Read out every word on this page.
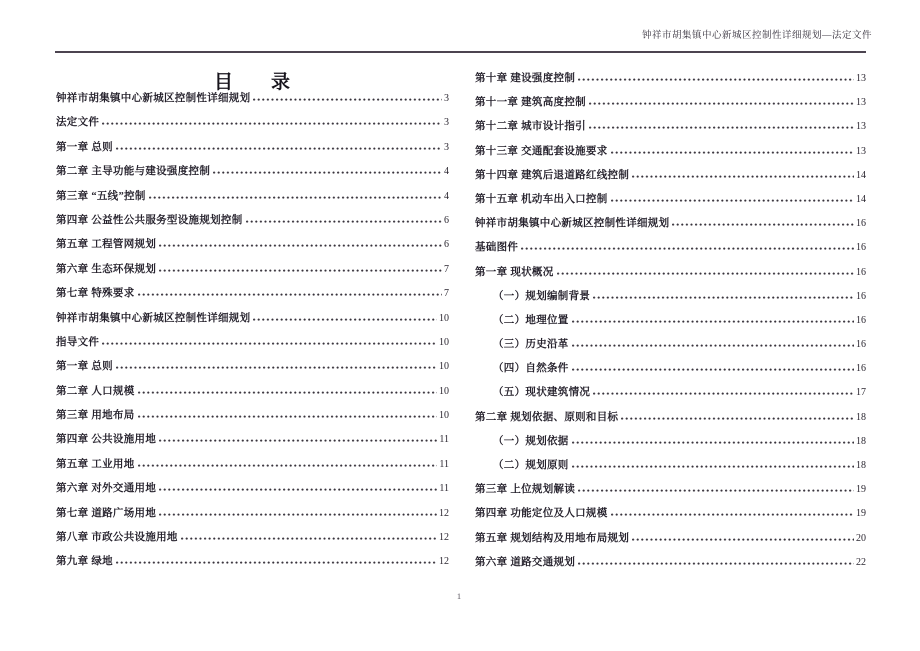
钟祥市胡集镇中心新城区控制性详细规划—法定文件
目　　录
钟祥市胡集镇中心新城区控制性详细规划	3
法定文件	3
第一章 总则	3
第二章 主导功能与建设强度控制	4
第三章 “五线”控制	4
第四章 公益性公共服务型设施规划控制	6
第五章 工程管网规划	6
第六章 生态环保规划	7
第七章 特殊要求	7
钟祥市胡集镇中心新城区控制性详细规划	10
指导文件	10
第一章 总则	10
第二章 人口规模	10
第三章 用地布局	10
第四章 公共设施用地	11
第五章 工业用地	11
第六章 对外交通用地	11
第七章 道路广场用地	12
第八章 市政公共设施用地	12
第九章 绿地	12
第十章 建设强度控制	13
第十一章 建筑高度控制	13
第十二章 城市设计指引	13
第十三章 交通配套设施要求	13
第十四章 建筑后退道路红线控制	14
第十五章 机动车出入口控制	14
钟祥市胡集镇中心新城区控制性详细规划	16
基础图件	16
第一章 现状概况	16
（一）规划编制背景	16
（二）地理位置	16
（三）历史沿革	16
（四）自然条件	16
（五）现状建筑情况	17
第二章 规划依据、原则和目标	18
（一）规划依据	18
（二）规划原则	18
第三章 上位规划解读	19
第四章 功能定位及人口规模	19
第五章 规划结构及用地布局规划	20
第六章 道路交通规划	22
1
